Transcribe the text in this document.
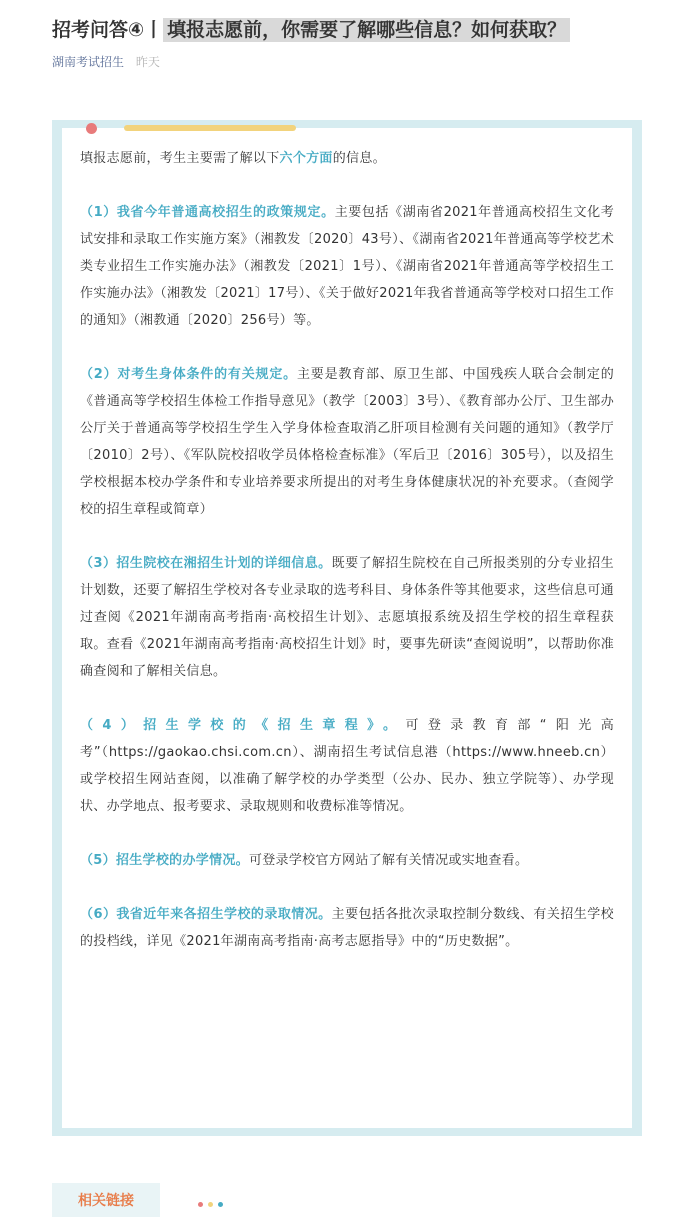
招考问答④丨 填报志愿前，你需要了解哪些信息？如何获取？
湖南考试招生 昨天

填报志愿前，考生主要需了解以下六个方面的信息。

（1）我省今年普通高校招生的政策规定。主要包括《湖南省2021年普通高校招生文化考试安排和录取工作实施方案》（湘教发〔2020〕43号）、《湖南省2021年普通高等学校艺术类专业招生工作实施办法》（湘教发〔2021〕1号）、《湖南省2021年普通高等学校招生工作实施办法》（湘教发〔2021〕17号）、《关于做好2021年我省普通高等学校对口招生工作的通知》（湘教通〔2020〕256号）等。

（2）对考生身体条件的有关规定。主要是教育部、原卫生部、中国残疾人联合会制定的《普通高等学校招生体检工作指导意见》（教学〔2003〕3号）、《教育部办公厅、卫生部办公厅关于普通高等学校招生学生入学身体检查取消乙肝项目检测有关问题的通知》（教学厅〔2010〕2号）、《军队院校招收学员体格检查标准》（军后卫〔2016〕305号），以及招生学校根据本校办学条件和专业培养要求所提出的对考生身体健康状况的补充要求。（查阅学校的招生章程或简章）

（3）招生院校在湘招生计划的详细信息。既要了解招生院校在自己所报类别的分专业招生计划数，还要了解招生学校对各专业录取的选考科目、身体条件等其他要求，这些信息可通过查阅《2021年湖南高考指南·高校招生计划》、志愿填报系统及招生学校的招生章程获取。查看《2021年湖南高考指南·高校招生计划》时，要事先研读“查阅说明”，以帮助你准确查阅和了解相关信息。

（4）招生学校的《招生章程》。可登录教育部“阳光高考”（https://gaokao.chsi.com.cn）、湖南招生考试信息港（https://www.hneeb.cn）或学校招生网站查阅，以准确了解学校的办学类型（公办、民办、独立学院等）、办学现状、办学地点、报考要求、录取规则和收费标准等情况。

（5）招生学校的办学情况。可登录学校官方网站了解有关情况或实地查看。

（6）我省近年来各招生学校的录取情况。主要包括各批次录取控制分数线、有关招生学校的投档线，详见《2021年湖南高考指南·高考志愿指导》中的“历史数据”。

相关链接
